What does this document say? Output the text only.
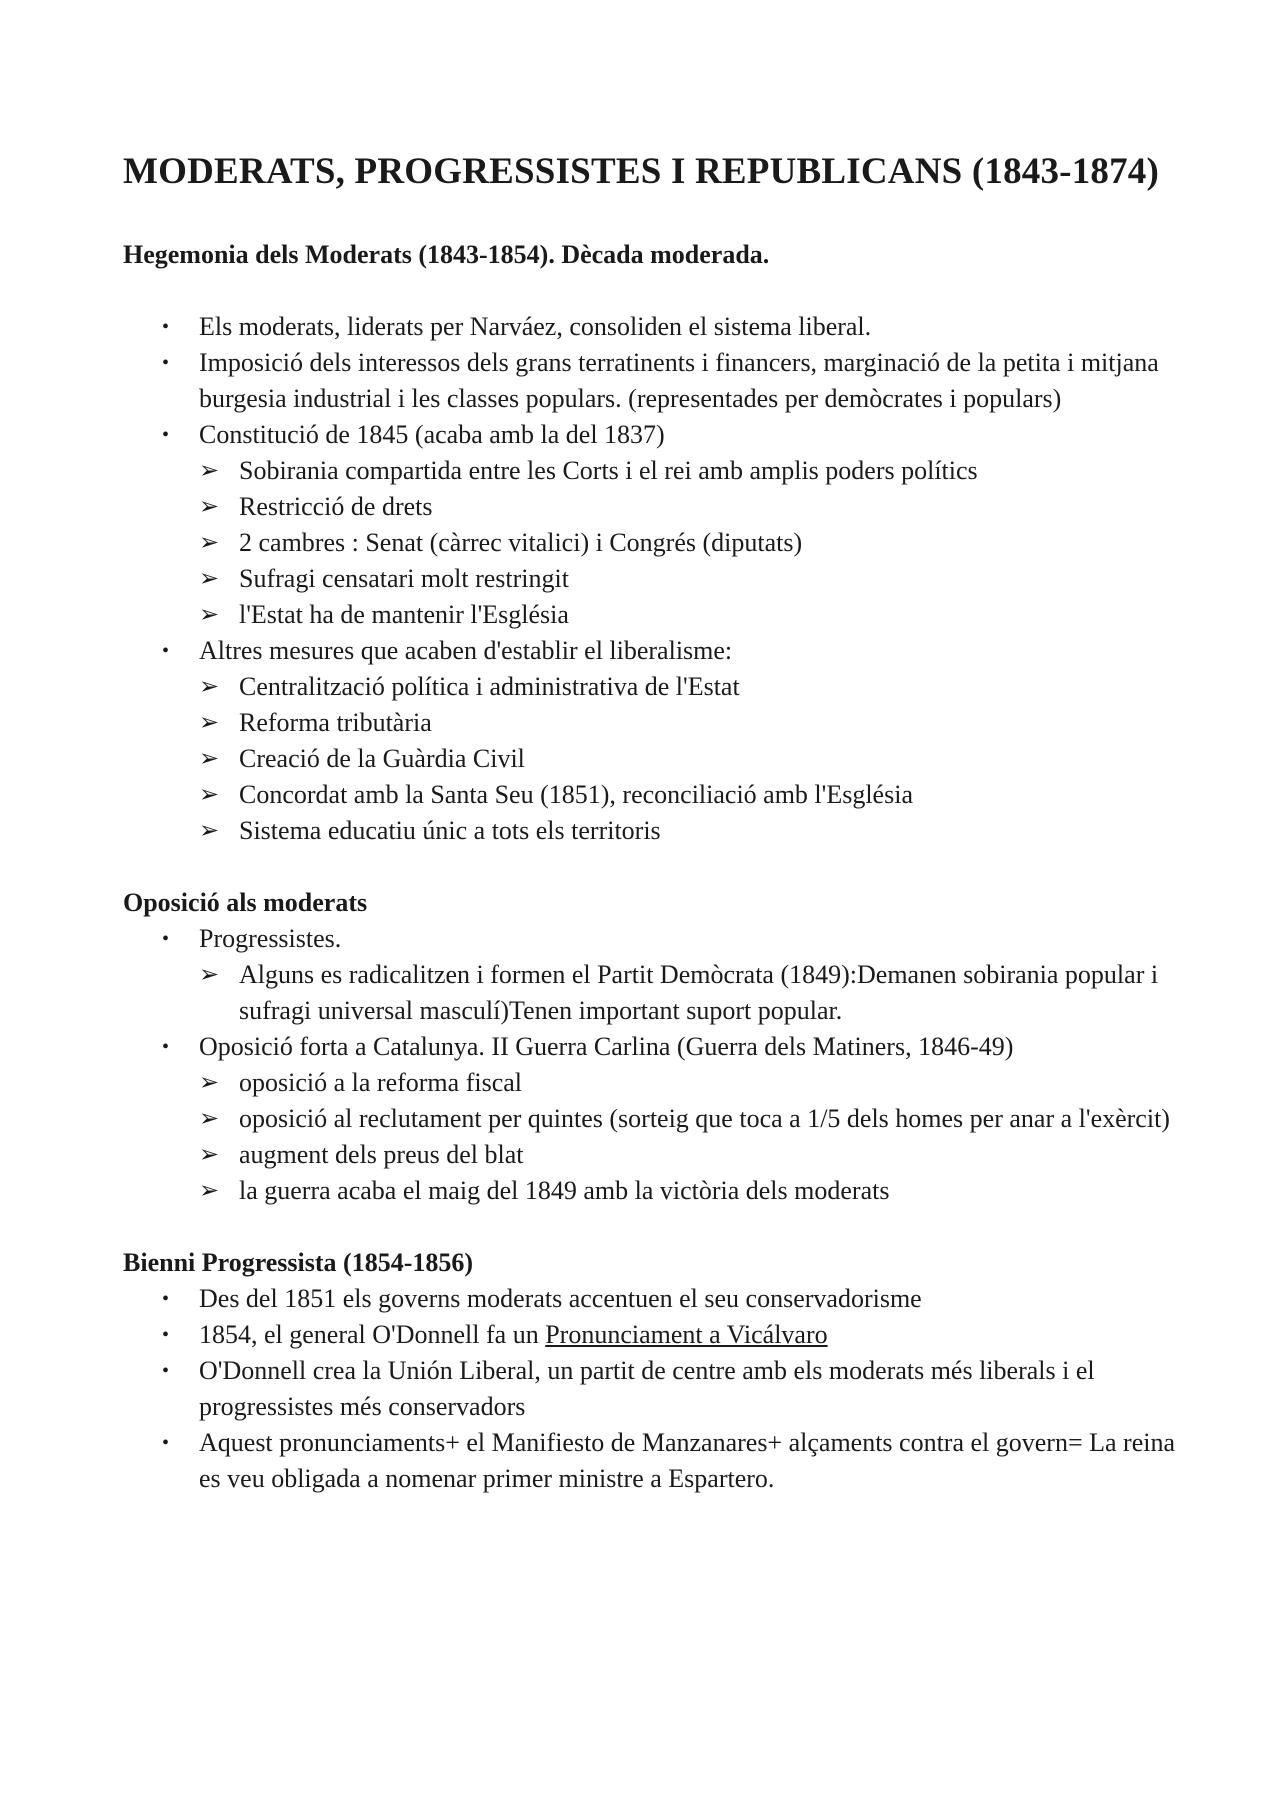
MODERATS, PROGRESSISTES I REPUBLICANS (1843-1874)
Hegemonia dels Moderats (1843-1854). Dècada moderada.
• Els moderats, liderats per Narváez, consoliden el sistema liberal.
• Imposició dels interessos dels grans terratinents i financers, marginació de la petita i mitjana burgesia industrial i les classes populars. (representades per demòcrates i populars)
• Constitució de 1845 (acaba amb la del 1837)
➢ Sobirania compartida entre les Corts i el rei amb amplis poders polítics
➢ Restricció de drets
➢ 2 cambres : Senat (càrrec vitalici) i Congrés (diputats)
➢ Sufragi censatari molt restringit
➢ l'Estat ha de mantenir l'Església
• Altres mesures que acaben d'establir el liberalisme:
➢ Centralització política i administrativa de l'Estat
➢ Reforma tributària
➢ Creació de la Guàrdia Civil
➢ Concordat amb la Santa Seu (1851), reconciliació amb l'Església
➢ Sistema educatiu únic a tots els territoris
Oposició als moderats
• Progressistes.
➢ Alguns es radicalitzen i formen el Partit Demòcrata (1849):Demanen sobirania popular i sufragi universal masculí)Tenen important suport popular.
• Oposició forta a Catalunya. II Guerra Carlina (Guerra dels Matiners, 1846-49)
➢ oposició a la reforma fiscal
➢ oposició al reclutament per quintes (sorteig que toca a 1/5 dels homes per anar a l'exèrcit)
➢ augment dels preus del blat
➢ la guerra acaba el maig del 1849 amb la victòria dels moderats
Bienni Progressista (1854-1856)
• Des del 1851 els governs moderats accentuen el seu conservadorisme
• 1854, el general O'Donnell fa un Pronunciament a Vicálvaro
• O'Donnell crea la Unión Liberal, un partit de centre amb els moderats més liberals i el progressistes més conservadors
• Aquest pronunciaments+ el Manifiesto de Manzanares+ alçaments contra el govern= La reina es veu obligada a nomenar primer ministre a Espartero.
